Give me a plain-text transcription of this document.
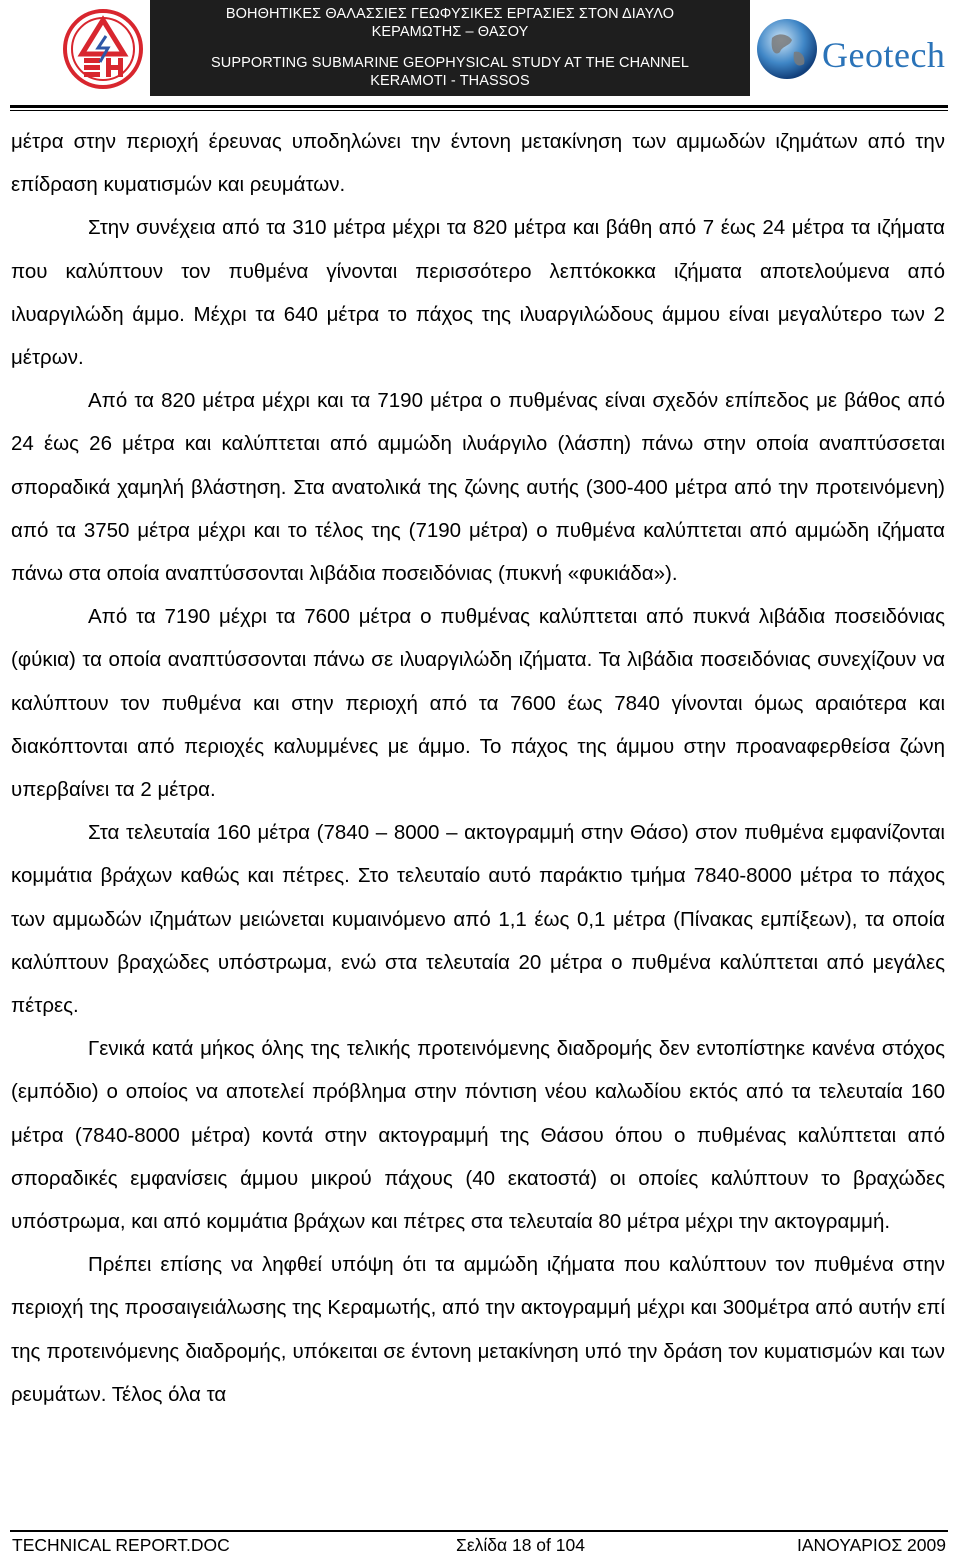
ΒΟΗΘΗΤΙΚΕΣ ΘΑΛΑΣΣΙΕΣ ΓΕΩΦΥΣΙΚΕΣ ΕΡΓΑΣΙΕΣ ΣΤΟΝ ΔΙΑΥΛΟ
ΚΕΡΑΜΩΤΗΣ – ΘΑΣΟΥ
SUPPORTING SUBMARINE GEOPHYSICAL STUDY AT THE CHANNEL
KERAMOTI - THASSOS
Geotech

μέτρα στην περιοχή έρευνας υποδηλώνει την έντονη μετακίνηση των αμμωδών ιζημάτων από την επίδραση κυματισμών και ρευμάτων.

Στην συνέχεια από τα 310 μέτρα μέχρι τα 820 μέτρα και βάθη από 7 έως 24 μέτρα τα ιζήματα που καλύπτουν τον πυθμένα γίνονται περισσότερο λεπτόκοκκα ιζήματα αποτελούμενα από ιλυαργιλώδη άμμο. Μέχρι τα 640 μέτρα το πάχος της ιλυαργιλώδους άμμου είναι μεγαλύτερο των 2 μέτρων.

Από τα 820 μέτρα μέχρι και τα 7190 μέτρα ο πυθμένας είναι σχεδόν επίπεδος με βάθος από 24 έως 26 μέτρα και καλύπτεται από αμμώδη ιλυάργιλο (λάσπη) πάνω στην οποία αναπτύσσεται σποραδικά χαμηλή βλάστηση. Στα ανατολικά της ζώνης αυτής (300-400 μέτρα από την προτεινόμενη) από τα 3750 μέτρα μέχρι και το τέλος της (7190 μέτρα) ο πυθμένα καλύπτεται από αμμώδη ιζήματα πάνω στα οποία αναπτύσσονται λιβάδια ποσειδόνιας (πυκνή «φυκιάδα»).

Από τα 7190 μέχρι τα 7600 μέτρα ο πυθμένας καλύπτεται από πυκνά λιβάδια ποσειδόνιας (φύκια) τα οποία αναπτύσσονται πάνω σε ιλυαργιλώδη ιζήματα. Τα λιβάδια ποσειδόνιας συνεχίζουν να καλύπτουν τον πυθμένα και στην περιοχή από τα 7600 έως 7840 γίνονται όμως αραιότερα και διακόπτονται από περιοχές καλυμμένες με άμμο. Το πάχος της άμμου στην προαναφερθείσα ζώνη υπερβαίνει τα 2 μέτρα.

Στα τελευταία 160 μέτρα (7840 – 8000 – ακτογραμμή στην Θάσο) στον πυθμένα εμφανίζονται κομμάτια βράχων καθώς και πέτρες. Στο τελευταίο αυτό παράκτιο τμήμα 7840-8000 μέτρα το πάχος των αμμωδών ιζημάτων μειώνεται κυμαινόμενο από 1,1 έως 0,1 μέτρα (Πίνακας εμπίξεων), τα οποία καλύπτουν βραχώδες υπόστρωμα, ενώ στα τελευταία 20 μέτρα ο πυθμένα καλύπτεται από μεγάλες πέτρες.

Γενικά κατά μήκος όλης της τελικής προτεινόμενης διαδρομής δεν εντοπίστηκε κανένα στόχος (εμπόδιο) ο οποίος να αποτελεί πρόβλημα στην πόντιση νέου καλωδίου εκτός από τα τελευταία 160 μέτρα (7840-8000 μέτρα) κοντά στην ακτογραμμή της Θάσου όπου ο πυθμένας καλύπτεται από σποραδικές εμφανίσεις άμμου μικρού πάχους (40 εκατοστά) οι οποίες καλύπτουν το βραχώδες υπόστρωμα, και από κομμάτια βράχων και πέτρες στα τελευταία 80 μέτρα μέχρι την ακτογραμμή.

Πρέπει επίσης να ληφθεί υπόψη ότι τα αμμώδη ιζήματα που καλύπτουν τον πυθμένα στην περιοχή της προσαιγειάλωσης της Κεραμωτής, από την ακτογραμμή μέχρι και 300μέτρα από αυτήν επί της προτεινόμενης διαδρομής, υπόκειται σε έντονη μετακίνηση υπό την δράση τον κυματισμών και των ρευμάτων. Τέλος όλα τα

TECHNICAL REPORT.DOC	Σελίδα 18 of 104	ΙΑΝΟΥΑΡΙΟΣ 2009
